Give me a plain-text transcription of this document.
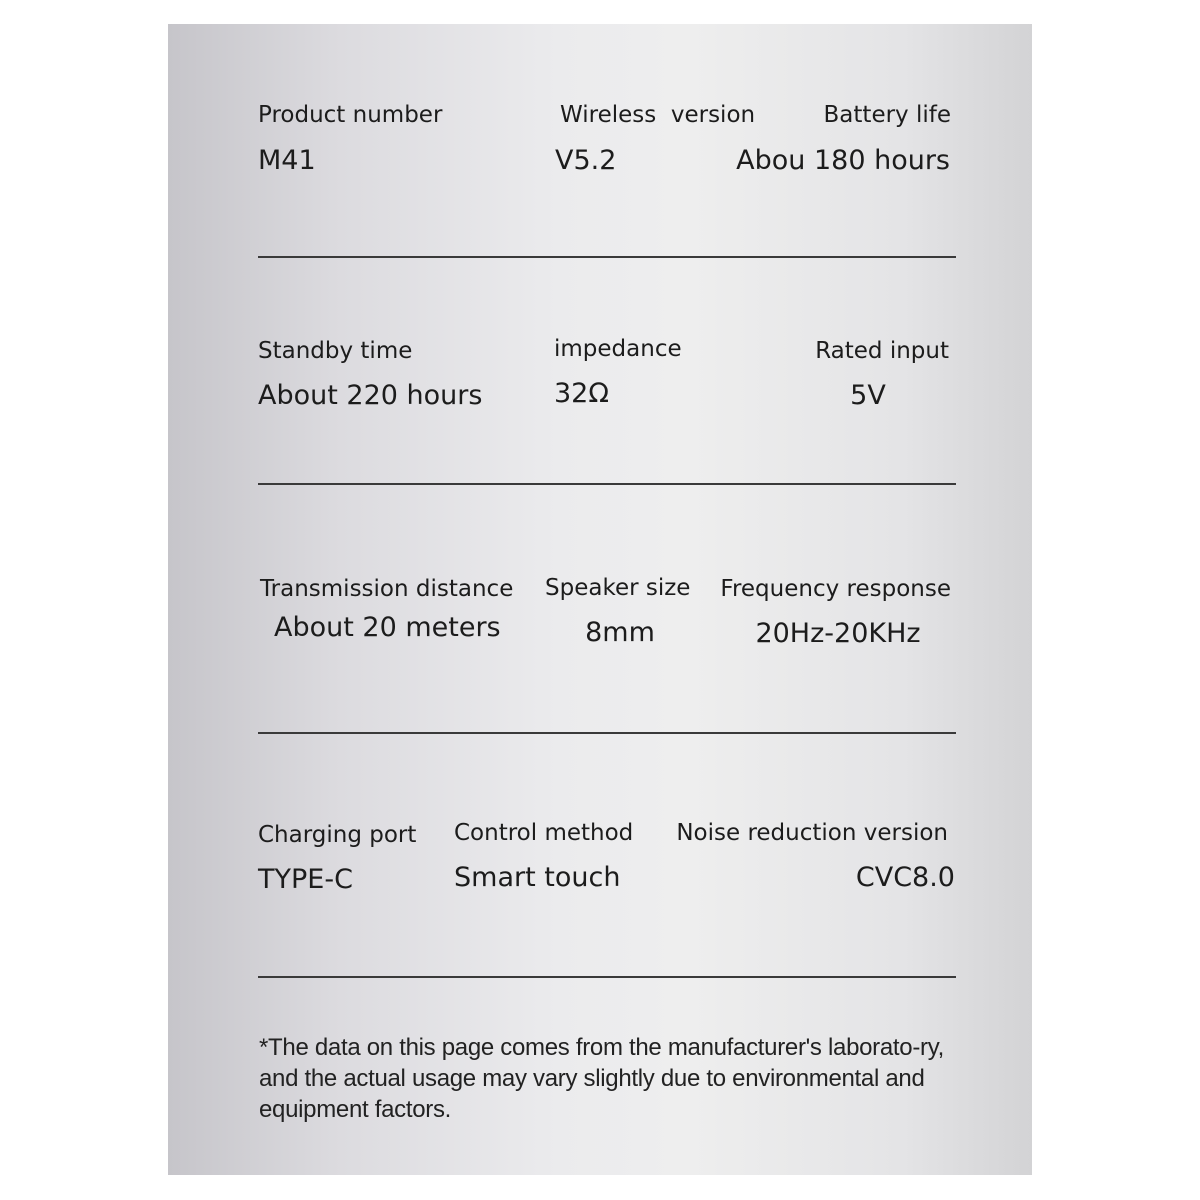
Product number
M41
Wireless  version
V5.2
Battery life
Abou 180 hours
Standby time
About 220 hours
impedance
32Ω
Rated input
5V
Transmission distance
About 20 meters
Speaker size
8mm
Frequency response
20Hz-20KHz
Charging port
TYPE-C
Control method
Smart touch
Noise reduction version
CVC8.0
*The data on this page comes from the manufacturer's laborato-ry, and the actual usage may vary slightly due to environmental and equipment factors.
